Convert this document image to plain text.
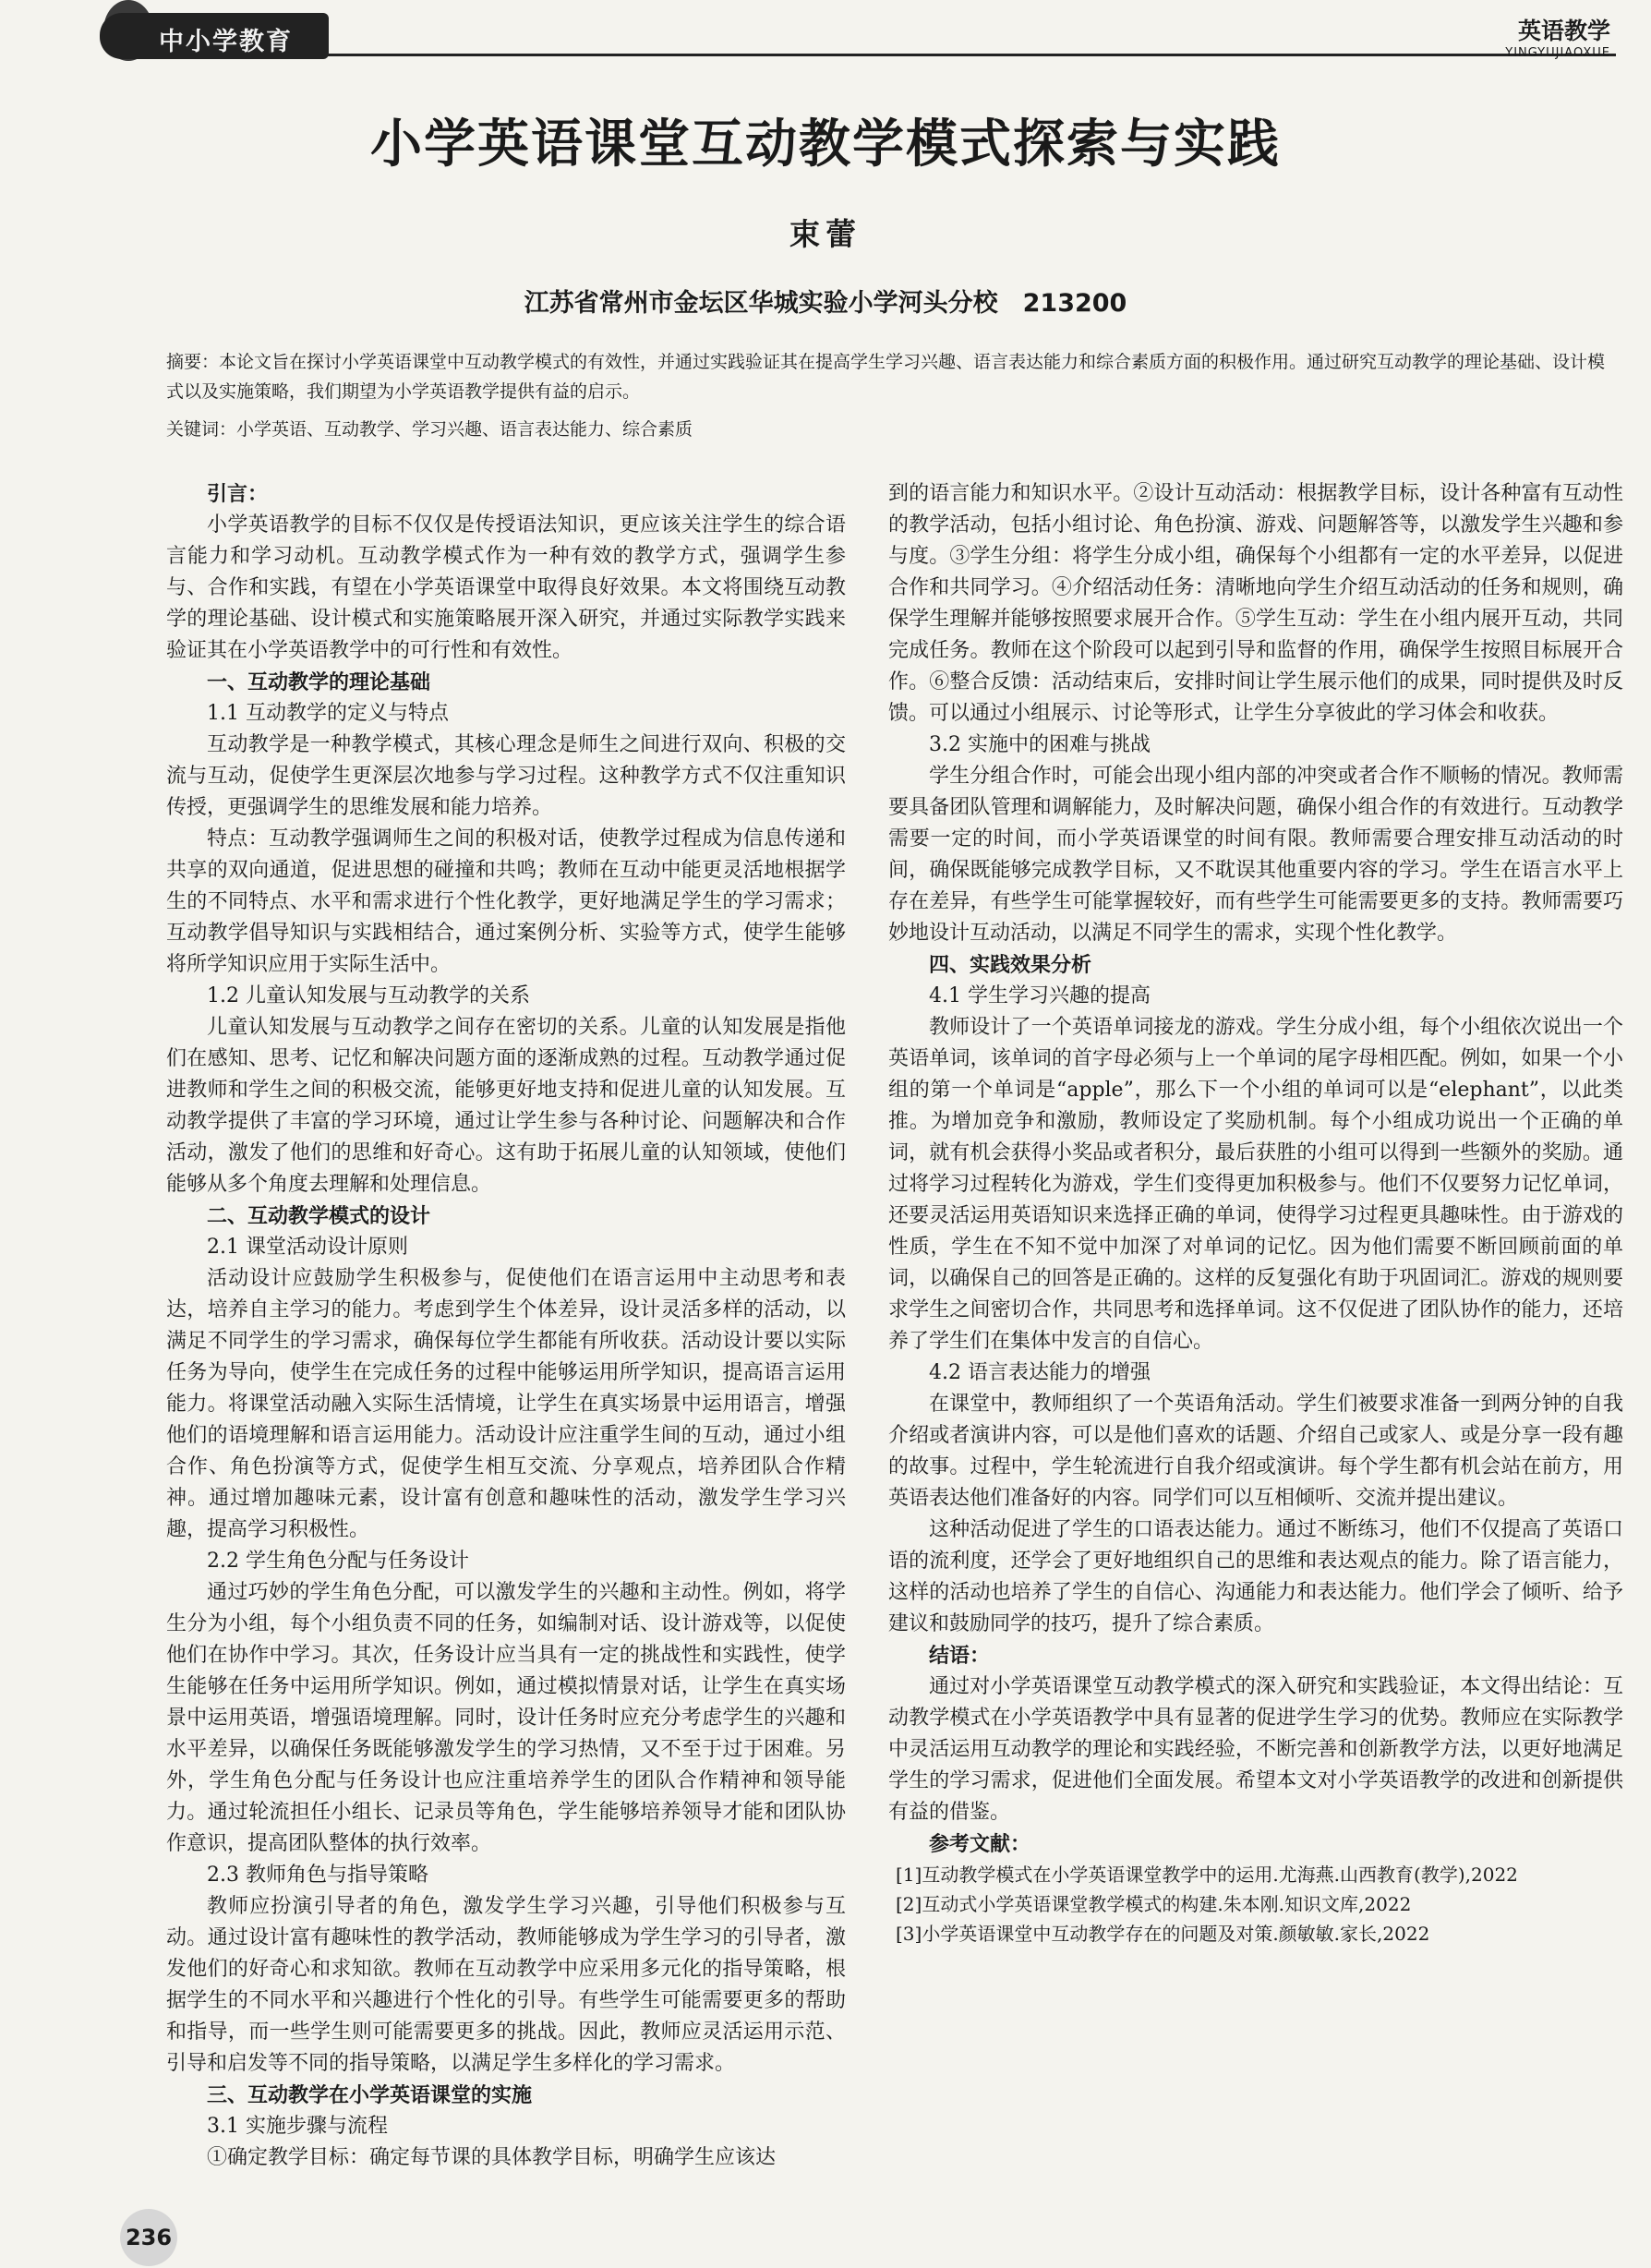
中小学教育	英语教学
YINGYUJIAOXUE
小学英语课堂互动教学模式探索与实践
束蕾
江苏省常州市金坛区华城实验小学河头分校　213200
摘要：本论文旨在探讨小学英语课堂中互动教学模式的有效性，并通过实践验证其在提高学生学习兴趣、语言表达能力和综合素质方面的积极作用。通过研究互动教学的理论基础、设计模式以及实施策略，我们期望为小学英语教学提供有益的启示。
关键词：小学英语、互动教学、学习兴趣、语言表达能力、综合素质
引言：

小学英语教学的目标不仅仅是传授语法知识，更应该关注学生的综合语言能力和学习动机。互动教学模式作为一种有效的教学方式，强调学生参与、合作和实践，有望在小学英语课堂中取得良好效果。本文将围绕互动教学的理论基础、设计模式和实施策略展开深入研究，并通过实际教学实践来验证其在小学英语教学中的可行性和有效性。

一、互动教学的理论基础
1.1 互动教学的定义与特点

互动教学是一种教学模式，其核心理念是师生之间进行双向、积极的交流与互动，促使学生更深层次地参与学习过程。这种教学方式不仅注重知识传授，更强调学生的思维发展和能力培养。

特点：互动教学强调师生之间的积极对话，使教学过程成为信息传递和共享的双向通道，促进思想的碰撞和共鸣；教师在互动中能更灵活地根据学生的不同特点、水平和需求进行个性化教学，更好地满足学生的学习需求；互动教学倡导知识与实践相结合，通过案例分析、实验等方式，使学生能够将所学知识应用于实际生活中。

1.2 儿童认知发展与互动教学的关系

儿童认知发展与互动教学之间存在密切的关系。儿童的认知发展是指他们在感知、思考、记忆和解决问题方面的逐渐成熟的过程。互动教学通过促进教师和学生之间的积极交流，能够更好地支持和促进儿童的认知发展。互动教学提供了丰富的学习环境，通过让学生参与各种讨论、问题解决和合作活动，激发了他们的思维和好奇心。这有助于拓展儿童的认知领域，使他们能够从多个角度去理解和处理信息。

二、互动教学模式的设计
2.1 课堂活动设计原则

活动设计应鼓励学生积极参与，促使他们在语言运用中主动思考和表达，培养自主学习的能力。考虑到学生个体差异，设计灵活多样的活动，以满足不同学生的学习需求，确保每位学生都能有所收获。活动设计要以实际任务为导向，使学生在完成任务的过程中能够运用所学知识，提高语言运用能力。将课堂活动融入实际生活情境，让学生在真实场景中运用语言，增强他们的语境理解和语言运用能力。活动设计应注重学生间的互动，通过小组合作、角色扮演等方式，促使学生相互交流、分享观点，培养团队合作精神。通过增加趣味元素，设计富有创意和趣味性的活动，激发学生学习兴趣，提高学习积极性。

2.2 学生角色分配与任务设计

通过巧妙的学生角色分配，可以激发学生的兴趣和主动性。例如，将学生分为小组，每个小组负责不同的任务，如编制对话、设计游戏等，以促使他们在协作中学习。其次，任务设计应当具有一定的挑战性和实践性，使学生能够在任务中运用所学知识。例如，通过模拟情景对话，让学生在真实场景中运用英语，增强语境理解。同时，设计任务时应充分考虑学生的兴趣和水平差异，以确保任务既能够激发学生的学习热情，又不至于过于困难。另外，学生角色分配与任务设计也应注重培养学生的团队合作精神和领导能力。通过轮流担任小组长、记录员等角色，学生能够培养领导才能和团队协作意识，提高团队整体的执行效率。

2.3 教师角色与指导策略

教师应扮演引导者的角色，激发学生学习兴趣，引导他们积极参与互动。通过设计富有趣味性的教学活动，教师能够成为学生学习的引导者，激发他们的好奇心和求知欲。教师在互动教学中应采用多元化的指导策略，根据学生的不同水平和兴趣进行个性化的引导。有些学生可能需要更多的帮助和指导，而一些学生则可能需要更多的挑战。因此，教师应灵活运用示范、引导和启发等不同的指导策略，以满足学生多样化的学习需求。

三、互动教学在小学英语课堂的实施
3.1 实施步骤与流程

①确定教学目标：确定每节课的具体教学目标，明确学生应该达

到的语言能力和知识水平。②设计互动活动：根据教学目标，设计各种富有互动性的教学活动，包括小组讨论、角色扮演、游戏、问题解答等，以激发学生兴趣和参与度。③学生分组：将学生分成小组，确保每个小组都有一定的水平差异，以促进合作和共同学习。④介绍活动任务：清晰地向学生介绍互动活动的任务和规则，确保学生理解并能够按照要求展开合作。⑤学生互动：学生在小组内展开互动，共同完成任务。教师在这个阶段可以起到引导和监督的作用，确保学生按照目标展开合作。⑥整合反馈：活动结束后，安排时间让学生展示他们的成果，同时提供及时反馈。可以通过小组展示、讨论等形式，让学生分享彼此的学习体会和收获。

3.2 实施中的困难与挑战

学生分组合作时，可能会出现小组内部的冲突或者合作不顺畅的情况。教师需要具备团队管理和调解能力，及时解决问题，确保小组合作的有效进行。互动教学需要一定的时间，而小学英语课堂的时间有限。教师需要合理安排互动活动的时间，确保既能够完成教学目标，又不耽误其他重要内容的学习。学生在语言水平上存在差异，有些学生可能掌握较好，而有些学生可能需要更多的支持。教师需要巧妙地设计互动活动，以满足不同学生的需求，实现个性化教学。

四、实践效果分析
4.1 学生学习兴趣的提高

教师设计了一个英语单词接龙的游戏。学生分成小组，每个小组依次说出一个英语单词，该单词的首字母必须与上一个单词的尾字母相匹配。例如，如果一个小组的第一个单词是“apple”，那么下一个小组的单词可以是“elephant”，以此类推。为增加竞争和激励，教师设定了奖励机制。每个小组成功说出一个正确的单词，就有机会获得小奖品或者积分，最后获胜的小组可以得到一些额外的奖励。通过将学习过程转化为游戏，学生们变得更加积极参与。他们不仅要努力记忆单词，还要灵活运用英语知识来选择正确的单词，使得学习过程更具趣味性。由于游戏的性质，学生在不知不觉中加深了对单词的记忆。因为他们需要不断回顾前面的单词，以确保自己的回答是正确的。这样的反复强化有助于巩固词汇。游戏的规则要求学生之间密切合作，共同思考和选择单词。这不仅促进了团队协作的能力，还培养了学生们在集体中发言的自信心。

4.2 语言表达能力的增强

在课堂中，教师组织了一个英语角活动。学生们被要求准备一到两分钟的自我介绍或者演讲内容，可以是他们喜欢的话题、介绍自己或家人、或是分享一段有趣的故事。过程中，学生轮流进行自我介绍或演讲。每个学生都有机会站在前方，用英语表达他们准备好的内容。同学们可以互相倾听、交流并提出建议。

这种活动促进了学生的口语表达能力。通过不断练习，他们不仅提高了英语口语的流利度，还学会了更好地组织自己的思维和表达观点的能力。除了语言能力，这样的活动也培养了学生的自信心、沟通能力和表达能力。他们学会了倾听、给予建议和鼓励同学的技巧，提升了综合素质。

结语：

通过对小学英语课堂互动教学模式的深入研究和实践验证，本文得出结论：互动教学模式在小学英语教学中具有显著的促进学生学习的优势。教师应在实际教学中灵活运用互动教学的理论和实践经验，不断完善和创新教学方法，以更好地满足学生的学习需求，促进他们全面发展。希望本文对小学英语教学的改进和创新提供有益的借鉴。

参考文献：
[1]互动教学模式在小学英语课堂教学中的运用.尤海燕.山西教育(教学),2022
[2]互动式小学英语课堂教学模式的构建.朱本刚.知识文库,2022
[3]小学英语课堂中互动教学存在的问题及对策.颜敏敏.家长,2022
236
